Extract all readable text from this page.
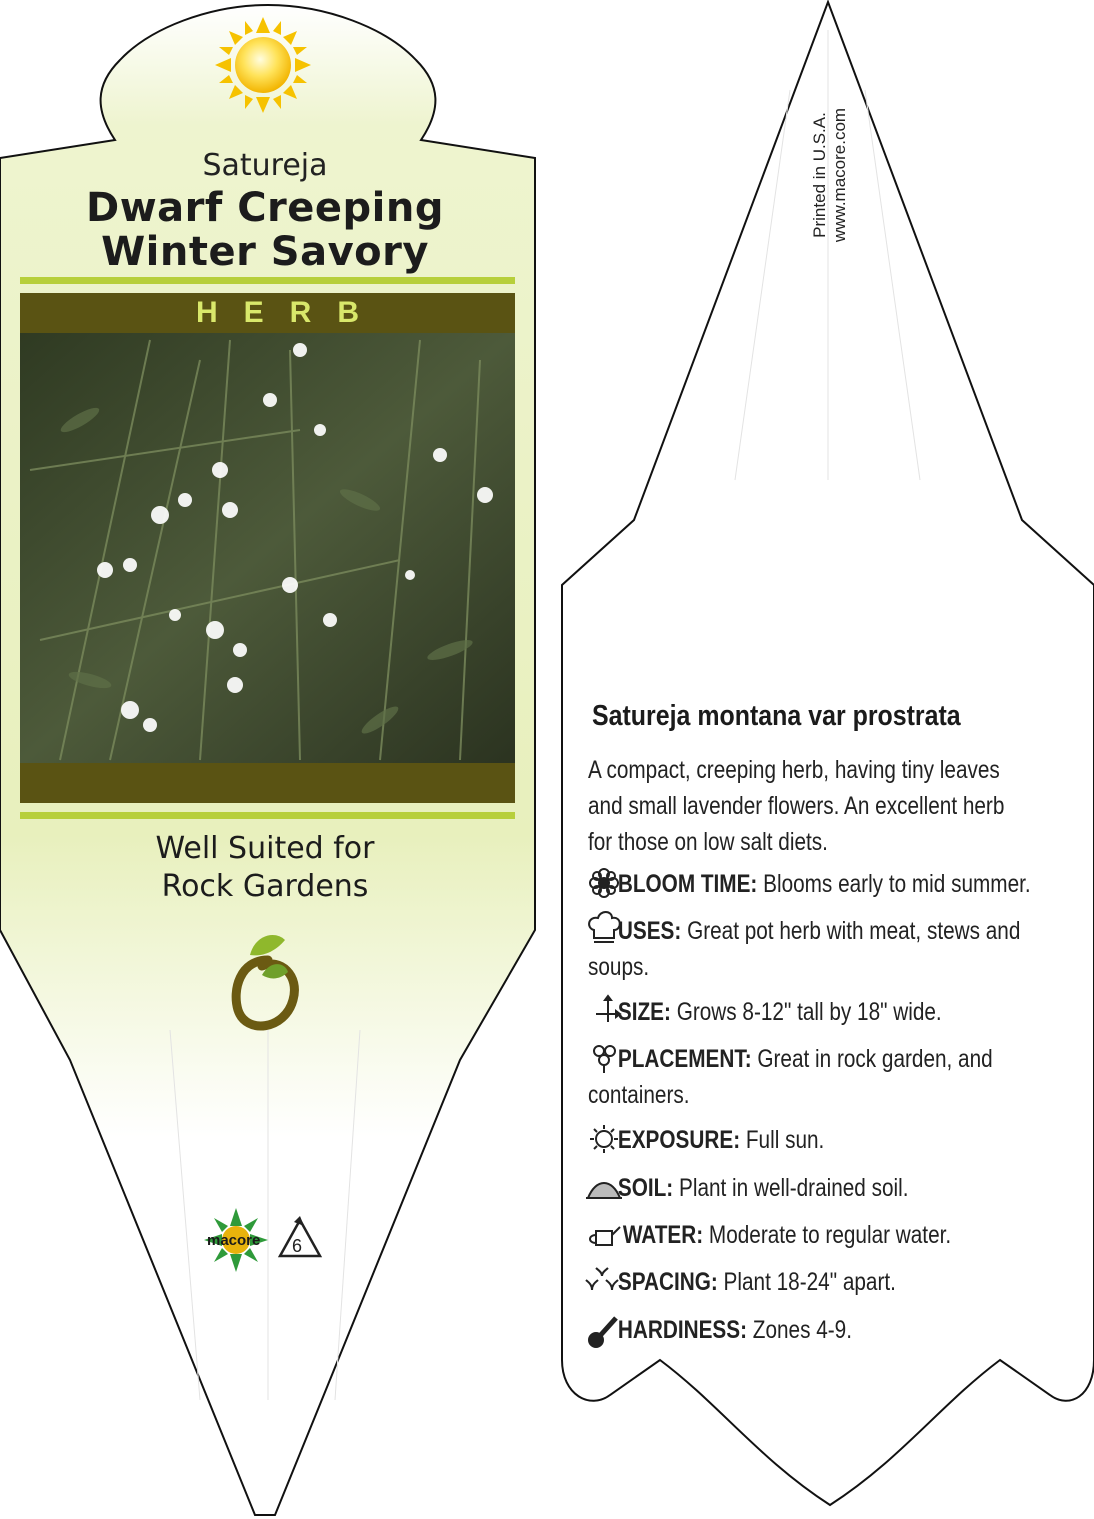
Satureja
Dwarf Creeping
Winter Savory
HERB
Well Suited for
Rock Gardens
macore 6
Printed in U.S.A. www.macore.com
Satureja montana var prostrata
A compact, creeping herb, having tiny leaves and small lavender flowers. An excellent herb for those on low salt diets.
BLOOM TIME: Blooms early to mid summer.
USES: Great pot herb with meat, stews and soups.
SIZE: Grows 8-12" tall by 18" wide.
PLACEMENT: Great in rock garden, and containers.
EXPOSURE: Full sun.
SOIL: Plant in well-drained soil.
WATER: Moderate to regular water.
SPACING: Plant 18-24" apart.
HARDINESS: Zones 4-9.
